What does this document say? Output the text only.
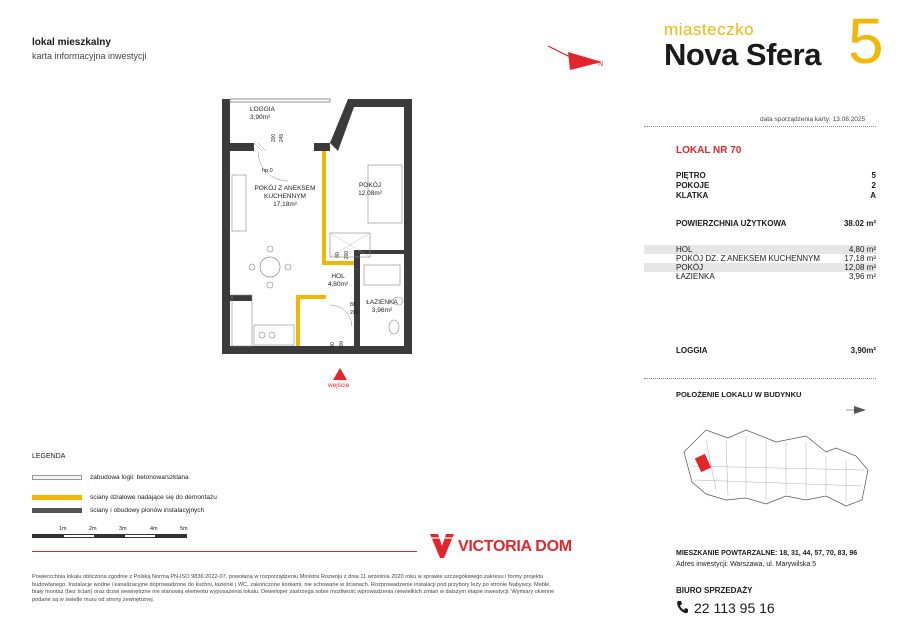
lokal mieszkalny
karta informacyjna inwestycji
N
miasteczko
Nova Sfera 5
data sporządzenia karty: 13.08.2025
LOKAL NR 70
PIĘTRO	5
POKOJE	2
KLATKA	A
POWIERZCHNIA UŻYTKOWA	38.02 m²
HOL	4,80 m²
POKÓJ DZ. Z ANEKSEM KUCHENNYM	17,18 m²
POKÓJ	12,08 m²
ŁAZIENKA	3,96 m²
LOGGIA	3,90m²
POŁOŻENIE LOKALU W BUDYNKU
MIESZKANIE POWTARZALNE: 18, 31, 44, 57, 70, 83, 96
Adres inwestycji: Warszawa, ul. Marywilska 5
BIURO SPRZEDAŻY
22 113 95 16
LOGGIA
3,90m²
POKÓJ Z ANEKSEM
KUCHENNYM
17,18m²
POKÓJ
12,08m²
HOL
4,80m²
ŁAZIENKA
3,96m²
hp 0
200 245
80 200
80
200
90 200
wejście
LEGENDA
zabudowa logii: betonowa/szklana
ściany działowe nadające się do demontażu
ściany i obudowy pionów instalacyjnych
1m	2m	3m	4m	5m
VICTORIA DOM
Powierzchnia lokalu obliczona zgodnie z Polską Normą PN-ISO 9836:2022-07, powołaną w rozporządzeniu Ministra Rozwoju z dnia 11 września 2020 roku w sprawie szczegółowego zakresu i formy projektu budowlanego. Instalacje wodne i kanalizacyjne doprowadzone do kuchni, łazienki i WC, zakończone korkami, nie schowane w ścianach. Rozprowadzenie instalacji pod przybory leży po stronie Nabywcy. Meble, biały montaż (bez ścian) oraz drzwi wewnętrzne nie stanowią elementu wyposażenia lokalu. Deweloper zastrzega sobie możliwość wprowadzenia niewielkich zmian w dalszym etapie inwestycji. Wymiary okienne podane są w świetle muru od strony zewnętrznej.
